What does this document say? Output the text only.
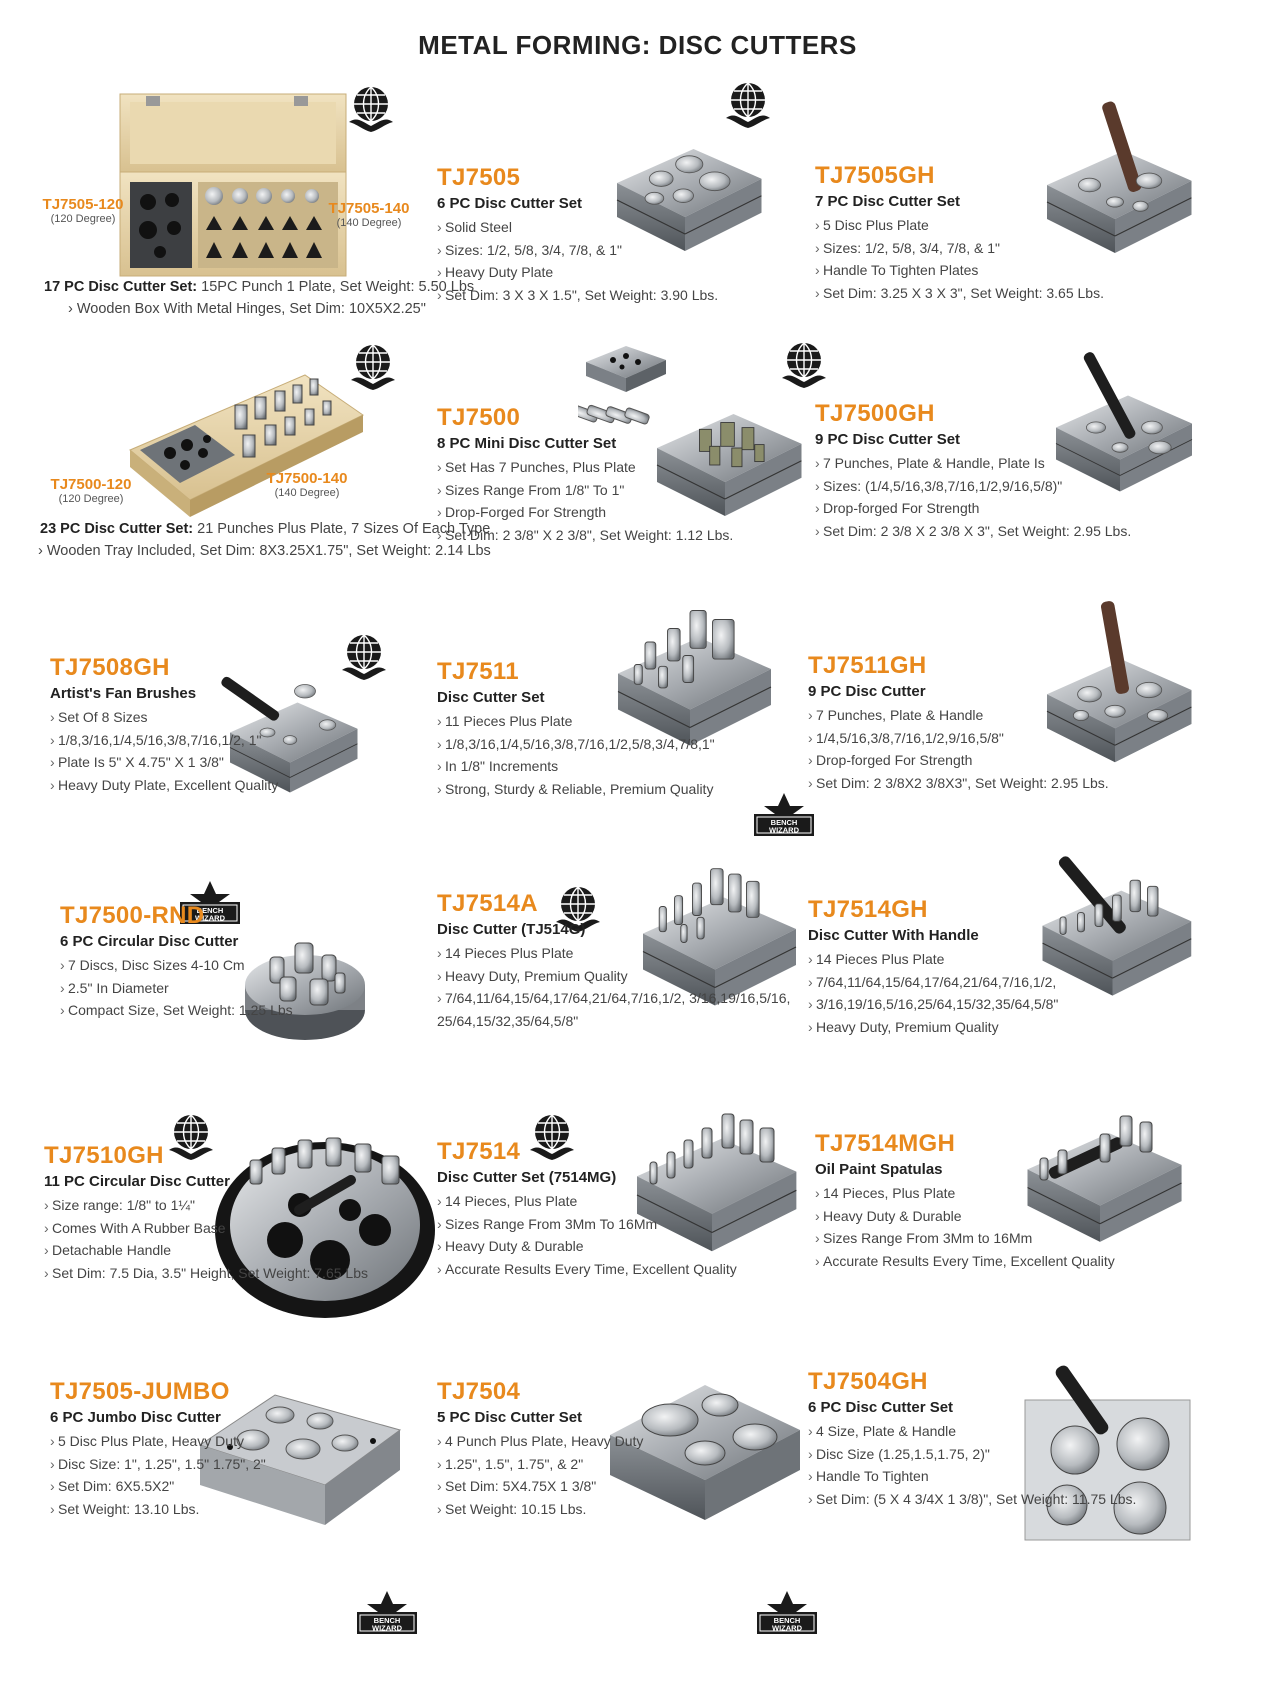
METAL FORMING: DISC CUTTERS
TJ7505-120
(120 Degree)
TJ7505-140
(140 Degree)
17 PC Disc Cutter Set: 15PC Punch 1 Plate, Set Weight: 5.50 Lbs
› Wooden Box With Metal Hinges, Set Dim: 10X5X2.25"
TJ7505
6 PC Disc Cutter Set
› Solid Steel
› Sizes: 1/2, 5/8, 3/4, 7/8, & 1"
› Heavy Duty Plate
› Set Dim: 3 X 3 X 1.5", Set Weight: 3.90 Lbs.
TJ7505GH
7 PC Disc Cutter Set
› 5 Disc Plus Plate
› Sizes: 1/2, 5/8, 3/4, 7/8, & 1"
› Handle To Tighten Plates
› Set Dim: 3.25 X 3 X 3", Set Weight: 3.65 Lbs.
TJ7500-120
(120 Degree)
TJ7500-140
(140 Degree)
23 PC Disc Cutter Set: 21 Punches Plus Plate, 7 Sizes Of Each Type
› Wooden Tray Included, Set Dim: 8X3.25X1.75", Set Weight: 2.14 Lbs
TJ7500
8 PC Mini Disc Cutter Set
› Set Has 7 Punches, Plus Plate
› Sizes Range From 1/8" To 1"
› Drop-Forged For Strength
› Set Dim: 2 3/8" X 2 3/8", Set Weight: 1.12 Lbs.
TJ7500GH
9 PC Disc Cutter Set
› 7 Punches, Plate & Handle, Plate Is
› Sizes: (1/4,5/16,3/8,7/16,1/2,9/16,5/8)"
› Drop-forged For Strength
› Set Dim: 2 3/8 X 2 3/8 X 3", Set Weight: 2.95 Lbs.
TJ7508GH
Artist's Fan Brushes
› Set Of 8 Sizes
› 1/8,3/16,1/4,5/16,3/8,7/16,1/2, 1"
› Plate Is 5" X 4.75" X 1 3/8"
› Heavy Duty Plate, Excellent Quality
TJ7511
Disc Cutter Set
› 11 Pieces Plus Plate
› 1/8,3/16,1/4,5/16,3/8,7/16,1/2,5/8,3/4,7/8,1"
› In 1/8" Increments
› Strong, Sturdy & Reliable, Premium Quality
TJ7511GH
9 PC Disc Cutter
› 7 Punches, Plate & Handle
› 1/4,5/16,3/8,7/16,1/2,9/16,5/8"
› Drop-forged For Strength
› Set Dim: 2 3/8X2 3/8X3", Set Weight: 2.95 Lbs.
TJ7500-RND
6 PC Circular Disc Cutter
› 7 Discs, Disc Sizes 4-10 Cm
› 2.5" In Diameter
› Compact Size, Set Weight: 1.25 Lbs
TJ7514A
Disc Cutter (TJ514G)
› 14 Pieces Plus Plate
› Heavy Duty, Premium Quality
› 7/64,11/64,15/64,17/64,21/64,7/16,1/2, 3/16,19/16,5/16,
25/64,15/32,35/64,5/8"
TJ7514GH
Disc Cutter With Handle
› 14 Pieces Plus Plate
› 7/64,11/64,15/64,17/64,21/64,7/16,1/2,
› 3/16,19/16,5/16,25/64,15/32,35/64,5/8"
› Heavy Duty, Premium Quality
TJ7510GH
11 PC Circular Disc Cutter
› Size range: 1/8" to 1¼"
› Comes With A Rubber Base
› Detachable Handle
› Set Dim: 7.5 Dia, 3.5" Height, Set Weight: 7.65 Lbs
TJ7514
Disc Cutter Set (7514MG)
› 14 Pieces, Plus Plate
› Sizes Range From 3Mm To 16Mm
› Heavy Duty & Durable
› Accurate Results Every Time, Excellent Quality
TJ7514MGH
Oil Paint Spatulas
› 14 Pieces, Plus Plate
› Heavy Duty & Durable
› Sizes Range From 3Mm to 16Mm
› Accurate Results Every Time, Excellent Quality
TJ7505-JUMBO
6 PC Jumbo Disc Cutter
› 5 Disc Plus Plate, Heavy Duty
› Disc Size: 1", 1.25", 1.5" 1.75", 2"
› Set Dim: 6X5.5X2"
› Set Weight: 13.10 Lbs.
TJ7504
5 PC Disc Cutter Set
› 4 Punch Plus Plate, Heavy Duty
› 1.25", 1.5", 1.75", & 2"
› Set Dim: 5X4.75X 1 3/8"
› Set Weight: 10.15 Lbs.
TJ7504GH
6 PC Disc Cutter Set
› 4 Size, Plate & Handle
› Disc Size (1.25,1.5,1.75, 2)"
› Handle To Tighten
› Set Dim: (5 X 4 3/4X 1 3/8)", Set Weight: 11.75 Lbs.
